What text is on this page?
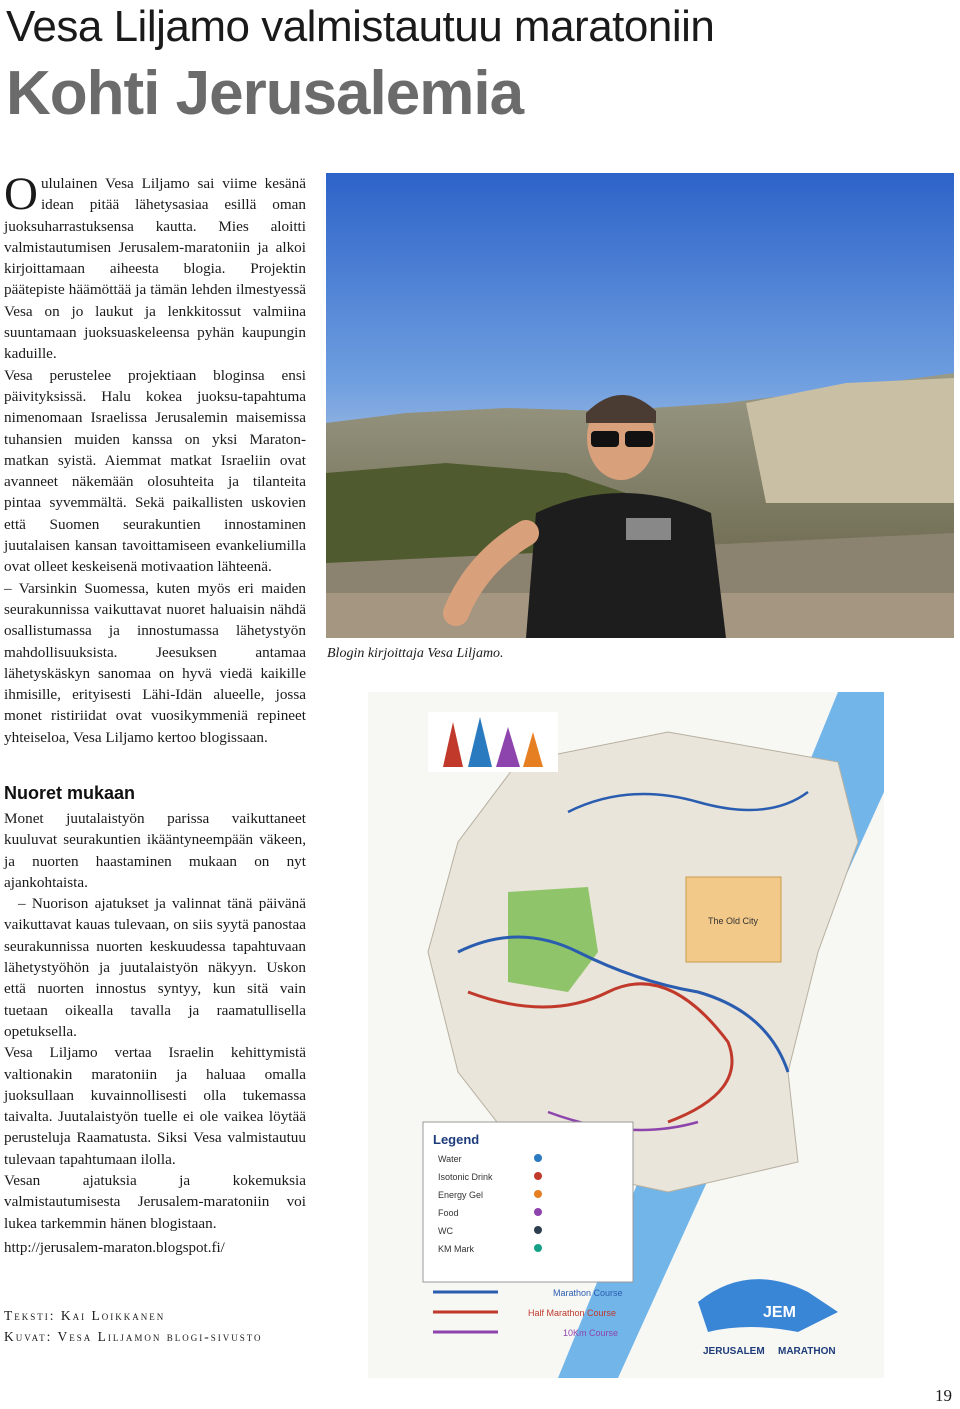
Vesa Liljamo valmistautuu maratoniin
Kohti Jerusalemia

Oululainen Vesa Liljamo sai viime kesänä idean pitää lähetysasiaa esillä oman juoksuharrastuksensa kautta. Mies aloitti valmistautumisen Jerusalem-maratoniin ja alkoi kirjoittamaan aiheesta blogia. Projektin päätepiste häämöttää ja tämän lehden ilmestyessä Vesa on jo laukut ja lenkkitossut valmiina suuntamaan juoksuaskeleensa pyhän kaupungin kaduille.

Vesa perustelee projektiaan bloginsa ensi päivityksissä. Halu kokea juoksu-tapahtuma nimenomaan Israelissa Jerusalemin maisemissa tuhansien muiden kanssa on yksi Maraton-matkan syistä. Aiemmat matkat Israeliin ovat avanneet näkemään olosuhteita ja tilanteita pintaa syvemmältä. Sekä paikallisten uskovien että Suomen seurakuntien innostaminen juutalaisen kansan tavoittamiseen evankeliumilla ovat olleet keskeisenä motivaation lähteenä.

– Varsinkin Suomessa, kuten myös eri maiden seurakunnissa vaikuttavat nuoret haluaisin nähdä osallistumassa ja innostumassa lähetystyön mahdollisuuksista. Jeesuksen antamaa lähetyskäskyn sanomaa on hyvä viedä kaikille ihmisille, erityisesti Lähi-Idän alueelle, jossa monet ristiriidat ovat vuosikymmeniä repineet yhteiseloa, Vesa Liljamo kertoo blogissaan.

Nuoret mukaan

Monet juutalaistyön parissa vaikuttaneet kuuluvat seurakuntien ikääntyneempään väkeen, ja nuorten haastaminen mukaan on nyt ajankohtaista.

– Nuorison ajatukset ja valinnat tänä päivänä vaikuttavat kauas tulevaan, on siis syytä panostaa seurakunnissa nuorten keskuudessa tapahtuvaan lähetystyöhön ja juutalaistyön näkyyn. Uskon että nuorten innostus syntyy, kun sitä vain tuetaan oikealla tavalla ja raamatullisella opetuksella.

Vesa Liljamo vertaa Israelin kehittymistä valtionakin maratoniin ja haluaa omalla juoksullaan kuvainnollisesti olla tukemassa taivalta. Juutalaistyön tuelle ei ole vaikea löytää perusteluja Raamatusta. Siksi Vesa valmistautuu tulevaan tapahtumaan ilolla.

Vesan ajatuksia ja kokemuksia valmistautumisesta Jerusalem-maratoniin voi lukea tarkemmin hänen blogistaan.

http://jerusalem-maraton.blogspot.fi/
Teksti: Kai Loikkanen
Kuvat: Vesa Liljamon blogi-sivusto
Blogin kirjoittaja Vesa Liljamo.
The Old City
Legend
Water
Isotonic Drink
Energy Gel
Food
WC
KM Mark
Marathon Course
Half Marathon Course
10Km Course
JEM
JERUSALEM MARATHON
19
